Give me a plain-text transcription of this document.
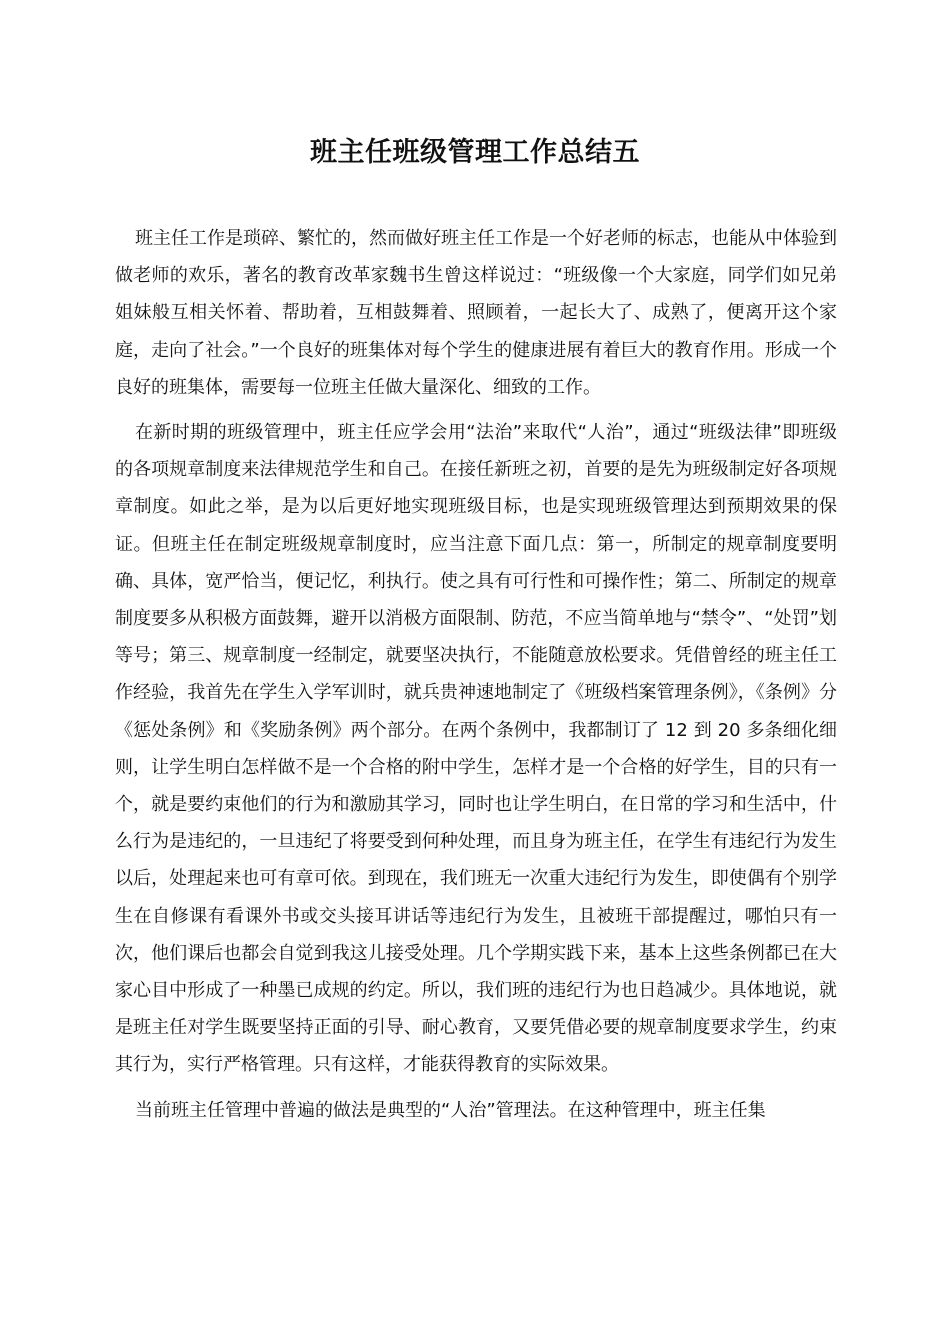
班主任班级管理工作总结五

班主任工作是琐碎、繁忙的，然而做好班主任工作是一个好老师的标志，也能从中体验到做老师的欢乐，著名的教育改革家魏书生曾这样说过：“班级像一个大家庭，同学们如兄弟姐妹般互相关怀着、帮助着，互相鼓舞着、照顾着，一起长大了、成熟了，便离开这个家庭，走向了社会。”一个良好的班集体对每个学生的健康进展有着巨大的教育作用。形成一个良好的班集体，需要每一位班主任做大量深化、细致的工作。

在新时期的班级管理中，班主任应学会用“法治”来取代“人治”，通过“班级法律”即班级的各项规章制度来法律规范学生和自己。在接任新班之初，首要的是先为班级制定好各项规章制度。如此之举，是为以后更好地实现班级目标，也是实现班级管理达到预期效果的保证。但班主任在制定班级规章制度时，应当注意下面几点：第一，所制定的规章制度要明确、具体，宽严恰当，便记忆，利执行。使之具有可行性和可操作性；第二、所制定的规章制度要多从积极方面鼓舞，避开以消极方面限制、防范，不应当简单地与“禁令”、“处罚”划等号；第三、规章制度一经制定，就要坚决执行，不能随意放松要求。凭借曾经的班主任工作经验，我首先在学生入学军训时，就兵贵神速地制定了《班级档案管理条例》，《条例》分《惩处条例》和《奖励条例》两个部分。在两个条例中，我都制订了 12 到 20 多条细化细则，让学生明白怎样做不是一个合格的附中学生，怎样才是一个合格的好学生，目的只有一个，就是要约束他们的行为和激励其学习，同时也让学生明白，在日常的学习和生活中，什么行为是违纪的，一旦违纪了将要受到何种处理，而且身为班主任，在学生有违纪行为发生以后，处理起来也可有章可依。到现在，我们班无一次重大违纪行为发生，即使偶有个别学生在自修课有看课外书或交头接耳讲话等违纪行为发生，且被班干部提醒过，哪怕只有一次，他们课后也都会自觉到我这儿接受处理。几个学期实践下来，基本上这些条例都已在大家心目中形成了一种墨已成规的约定。所以，我们班的违纪行为也日趋减少。具体地说，就是班主任对学生既要坚持正面的引导、耐心教育，又要凭借必要的规章制度要求学生，约束其行为，实行严格管理。只有这样，才能获得教育的实际效果。

当前班主任管理中普遍的做法是典型的“人治”管理法。在这种管理中，班主任集
